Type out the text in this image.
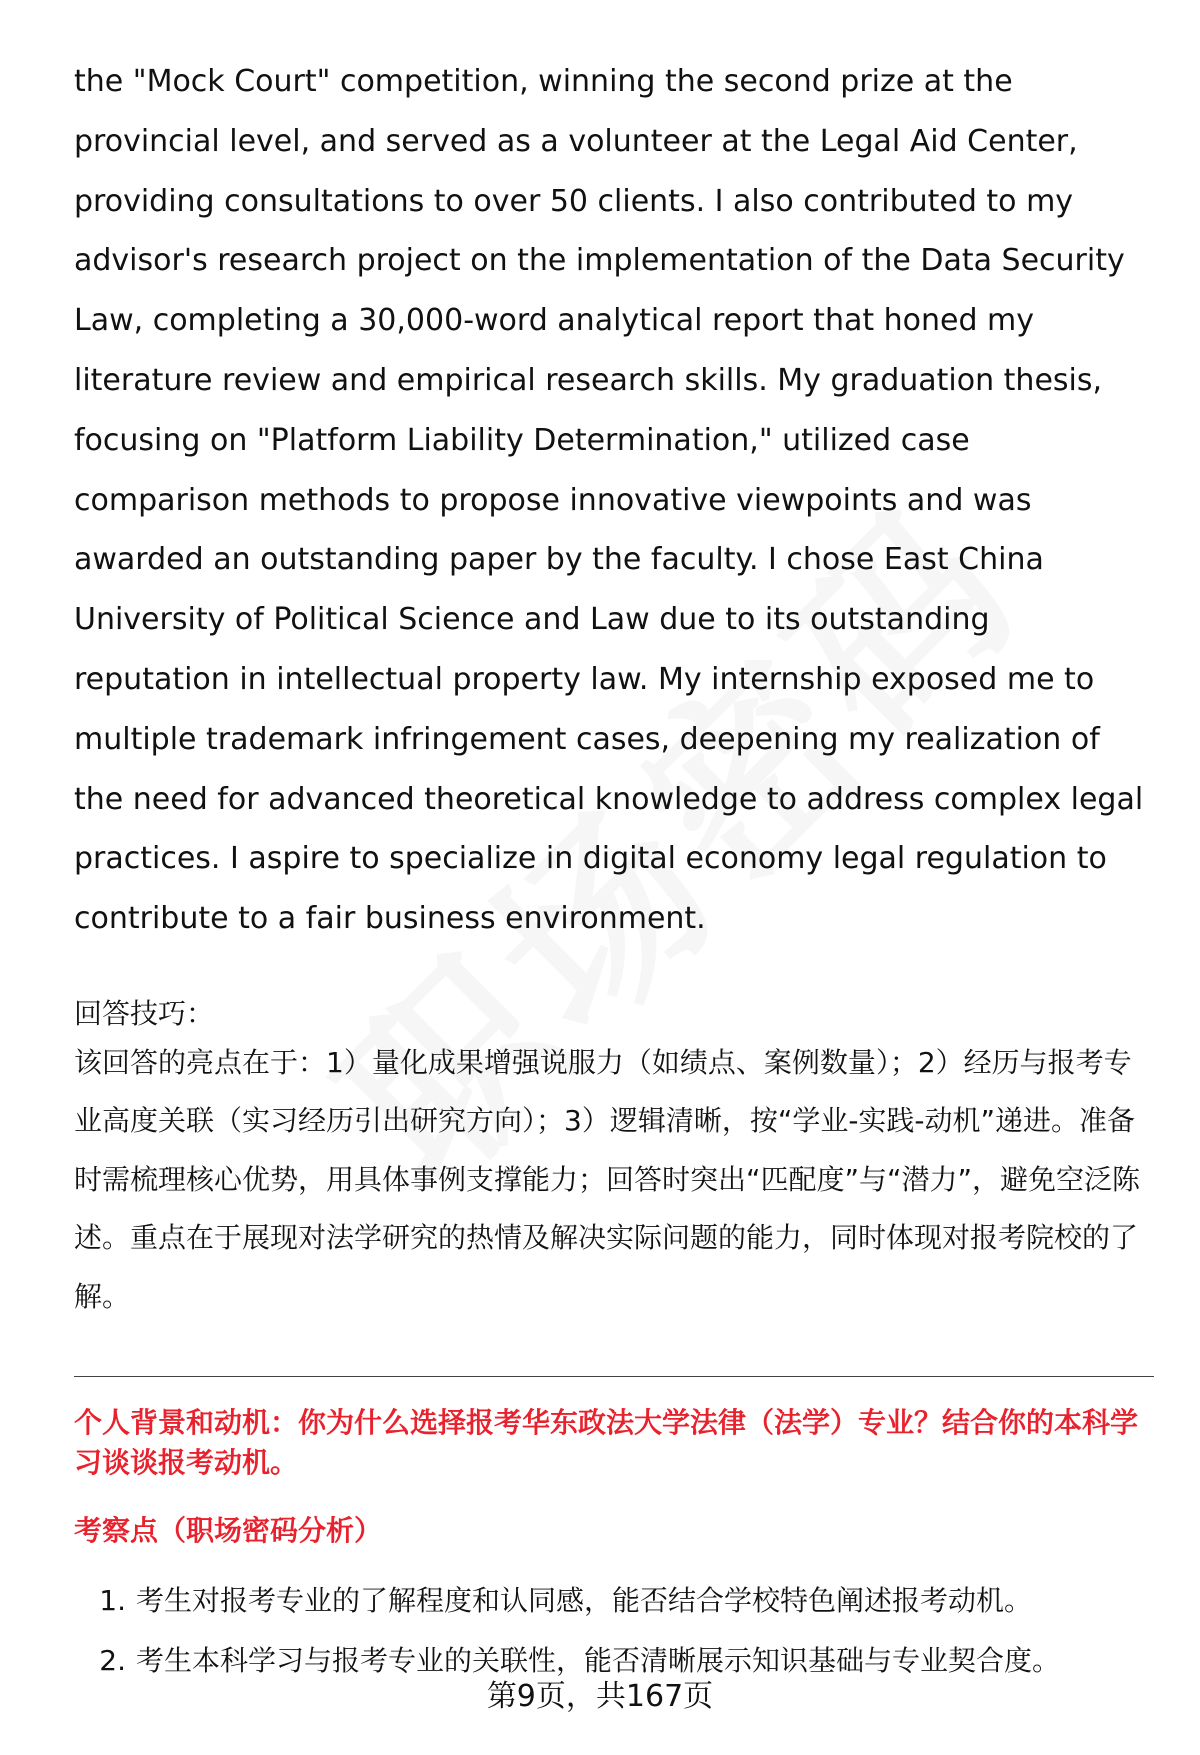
the "Mock Court" competition, winning the second prize at the provincial level, and served as a volunteer at the Legal Aid Center, providing consultations to over 50 clients. I also contributed to my advisor's research project on the implementation of the Data Security Law, completing a 30,000-word analytical report that honed my literature review and empirical research skills. My graduation thesis, focusing on "Platform Liability Determination," utilized case comparison methods to propose innovative viewpoints and was awarded an outstanding paper by the faculty. I chose East China University of Political Science and Law due to its outstanding reputation in intellectual property law. My internship exposed me to multiple trademark infringement cases, deepening my realization of the need for advanced theoretical knowledge to address complex legal practices. I aspire to specialize in digital economy legal regulation to contribute to a fair business environment.

回答技巧：

该回答的亮点在于：1）量化成果增强说服力（如绩点、案例数量）；2）经历与报考专业高度关联（实习经历引出研究方向）；3）逻辑清晰，按“学业-实践-动机”递进。准备时需梳理核心优势，用具体事例支撑能力；回答时突出“匹配度”与“潜力”，避免空泛陈述。重点在于展现对法学研究的热情及解决实际问题的能力，同时体现对报考院校的了解。

个人背景和动机：你为什么选择报考华东政法大学法律（法学）专业？结合你的本科学习谈谈报考动机。

考察点（职场密码分析）

1. 考生对报考专业的了解程度和认同感，能否结合学校特色阐述报考动机。
2. 考生本科学习与报考专业的关联性，能否清晰展示知识基础与专业契合度。
第9页，共167页
